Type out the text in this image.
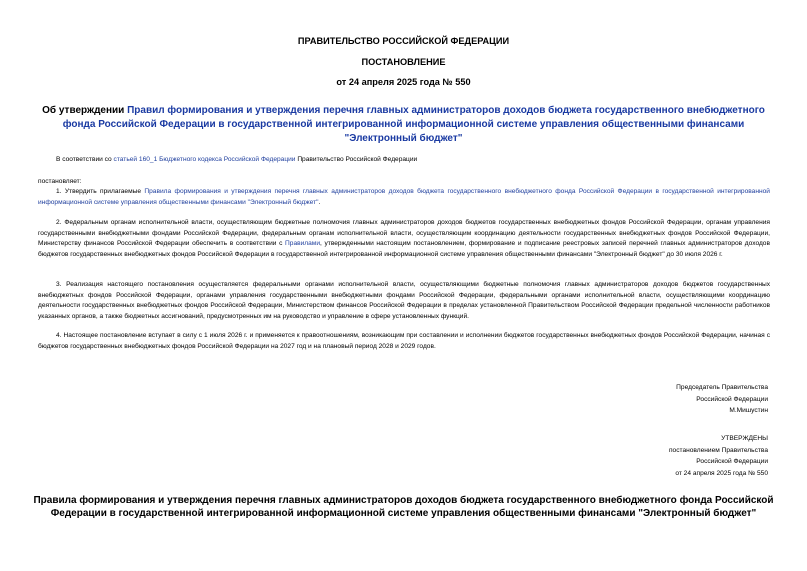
ПРАВИТЕЛЬСТВО РОССИЙСКОЙ ФЕДЕРАЦИИ
ПОСТАНОВЛЕНИЕ
от 24 апреля 2025 года № 550
Об утверждении Правил формирования и утверждения перечня главных администраторов доходов бюджета государственного внебюджетного фонда Российской Федерации в государственной интегрированной информационной системе управления общественными финансами "Электронный бюджет"
В соответствии со статьей 160_1 Бюджетного кодекса Российской Федерации Правительство Российской Федерации
постановляет:
1. Утвердить прилагаемые Правила формирования и утверждения перечня главных администраторов доходов бюджета государственного внебюджетного фонда Российской Федерации в государственной интегрированной информационной системе управления общественными финансами "Электронный бюджет".
2. Федеральным органам исполнительной власти, осуществляющим бюджетные полномочия главных администраторов доходов бюджетов государственных внебюджетных фондов Российской Федерации, органам управления государственными внебюджетными фондами Российской Федерации, федеральным органам исполнительной власти, осуществляющим координацию деятельности государственных внебюджетных фондов Российской Федерации, Министерству финансов Российской Федерации обеспечить в соответствии с Правилами, утвержденными настоящим постановлением, формирование и подписание реестровых записей перечней главных администраторов доходов бюджетов государственных внебюджетных фондов Российской Федерации в государственной интегрированной информационной системе управления общественными финансами "Электронный бюджет" до 30 июля 2026 г.
3. Реализация настоящего постановления осуществляется федеральными органами исполнительной власти, осуществляющими бюджетные полномочия главных администраторов доходов бюджетов государственных внебюджетных фондов Российской Федерации, органами управления государственными внебюджетными фондами Российской Федерации, федеральными органами исполнительной власти, осуществляющими координацию деятельности государственных внебюджетных фондов Российской Федерации, Министерством финансов Российской Федерации в пределах установленной Правительством Российской Федерации предельной численности работников указанных органов, а также бюджетных ассигнований, предусмотренных им на руководство и управление в сфере установленных функций.
4. Настоящее постановление вступает в силу с 1 июля 2026 г. и применяется к правоотношениям, возникающим при составлении и исполнении бюджетов государственных внебюджетных фондов Российской Федерации, начиная с бюджетов государственных внебюджетных фондов Российской Федерации на 2027 год и на плановый период 2028 и 2029 годов.
Председатель Правительства
Российской Федерации
М.Мишустин
УТВЕРЖДЕНЫ
постановлением Правительства
Российской Федерации
от 24 апреля 2025 года № 550
Правила формирования и утверждения перечня главных администраторов доходов бюджета государственного внебюджетного фонда Российской Федерации в государственной интегрированной информационной системе управления общественными финансами "Электронный бюджет"
